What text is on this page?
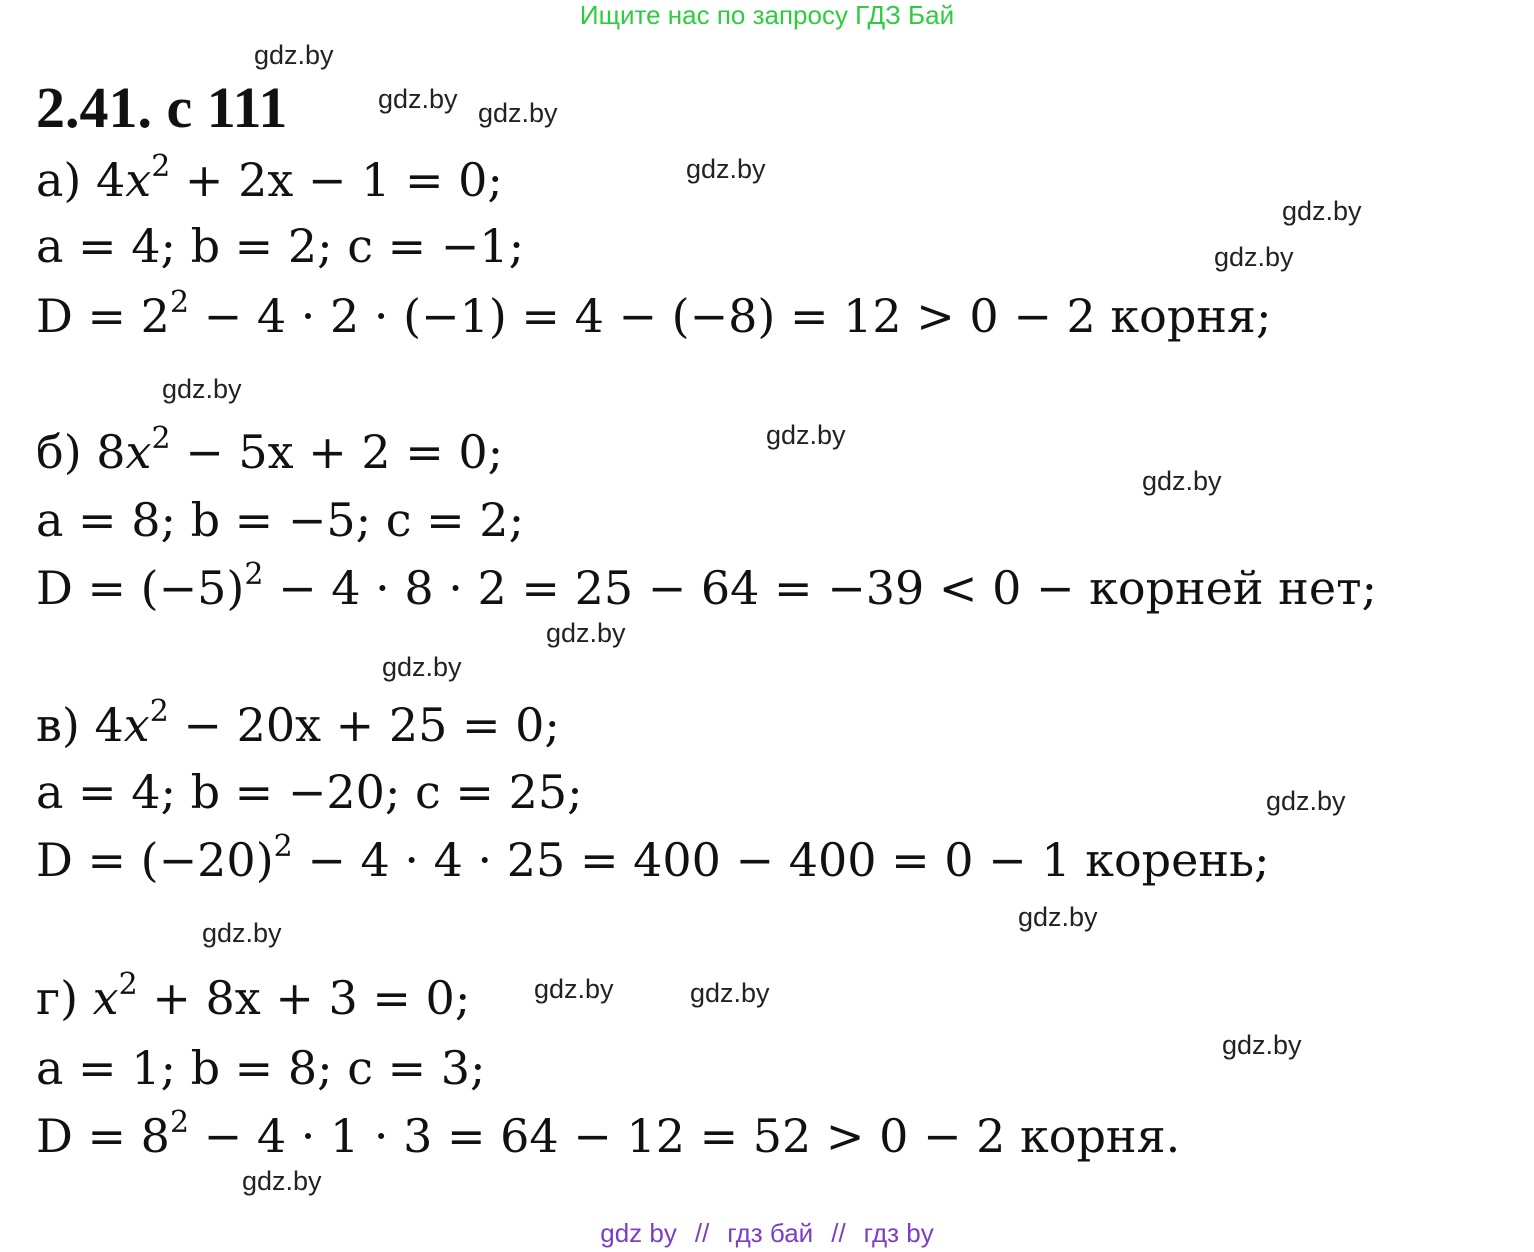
Ищите нас по запросу ГДЗ Бай
2.41. с 111
а) $4x^2 + 2x - 1 = 0$;
a = 4; b = 2; c = −1;
$D = 2^2 - 4 \cdot 2 \cdot (-1) = 4 - (-8) = 12 > 0 - 2$ корня;
б) $8x^2 - 5x + 2 = 0$;
a = 8; b = −5; c = 2;
$D = (-5)^2 - 4 \cdot 8 \cdot 2 = 25 - 64 = -39 < 0$ − корней нет;
в) $4x^2 - 20x + 25 = 0$;
a = 4; b = −20; c = 25;
$D = (-20)^2 - 4 \cdot 4 \cdot 25 = 400 - 400 = 0 - 1$ корень;
г) $x^2 + 8x + 3 = 0$;
a = 1; b = 8; c = 3;
$D = 8^2 - 4 \cdot 1 \cdot 3 = 64 - 12 = 52 > 0 - 2$ корня.
gdz.by
gdz.by gdz.by
gdz.by
gdz.by
gdz.by
gdz.by
gdz.by
gdz.by
gdz.by
gdz.by
gdz.by
gdz.by
gdz.by
gdz.by	gdz.by
gdz.by
gdz.by
gdz by // гдз бай // гдз by
